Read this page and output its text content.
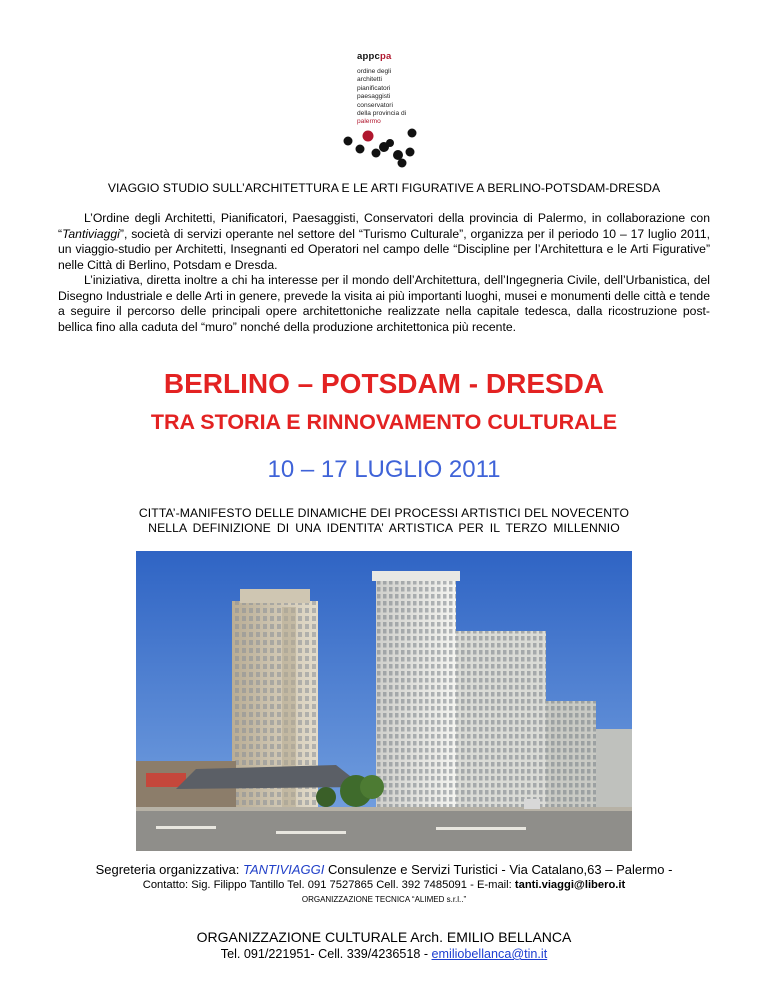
appcpa
ordine degli
architetti
pianificatori
paesaggisti
conservatori
della provincia di
palermo
VIAGGIO STUDIO SULL’ARCHITETTURA E LE ARTI FIGURATIVE A BERLINO-POTSDAM-DRESDA

L’Ordine degli Architetti, Pianificatori, Paesaggisti, Conservatori della provincia di Palermo, in collaborazione con “Tantiviaggi”, società di servizi operante nel settore del “Turismo Culturale”, organizza per il periodo 10 – 17 luglio 2011, un viaggio-studio per Architetti, Insegnanti ed Operatori nel campo delle “Discipline per l’Architettura e le Arti Figurative” nelle Città di Berlino, Potsdam e Dresda.

L’iniziativa, diretta inoltre a chi ha interesse per il mondo dell’Architettura, dell’Ingegneria Civile, dell’Urbanistica, del Disegno Industriale e delle Arti in genere, prevede la visita ai più importanti luoghi, musei e monumenti delle città e tende a seguire il percorso delle principali opere architettoniche realizzate nella capitale tedesca, dalla ricostruzione post-bellica fino alla caduta del “muro” nonché della produzione architettonica più recente.

BERLINO – POTSDAM - DRESDA
TRA STORIA E RINNOVAMENTO CULTURALE
10 – 17 LUGLIO 2011
CITTA’-MANIFESTO DELLE DINAMICHE DEI PROCESSI ARTISTICI DEL NOVECENTO
NELLA DEFINIZIONE DI UNA IDENTITA’ ARTISTICA PER IL TERZO MILLENNIO
Segreteria organizzativa: TANTIVIAGGI Consulenze e Servizi Turistici - Via Catalano,63 – Palermo -
Contatto: Sig. Filippo Tantillo Tel. 091 7527865 Cell. 392 7485091 - E-mail: tanti.viaggi@libero.it
ORGANIZZAZIONE TECNICA “ALIMED s.r.l..”
ORGANIZZAZIONE CULTURALE Arch. EMILIO BELLANCA
Tel. 091/221951- Cell. 339/4236518 - emiliobellanca@tin.it
